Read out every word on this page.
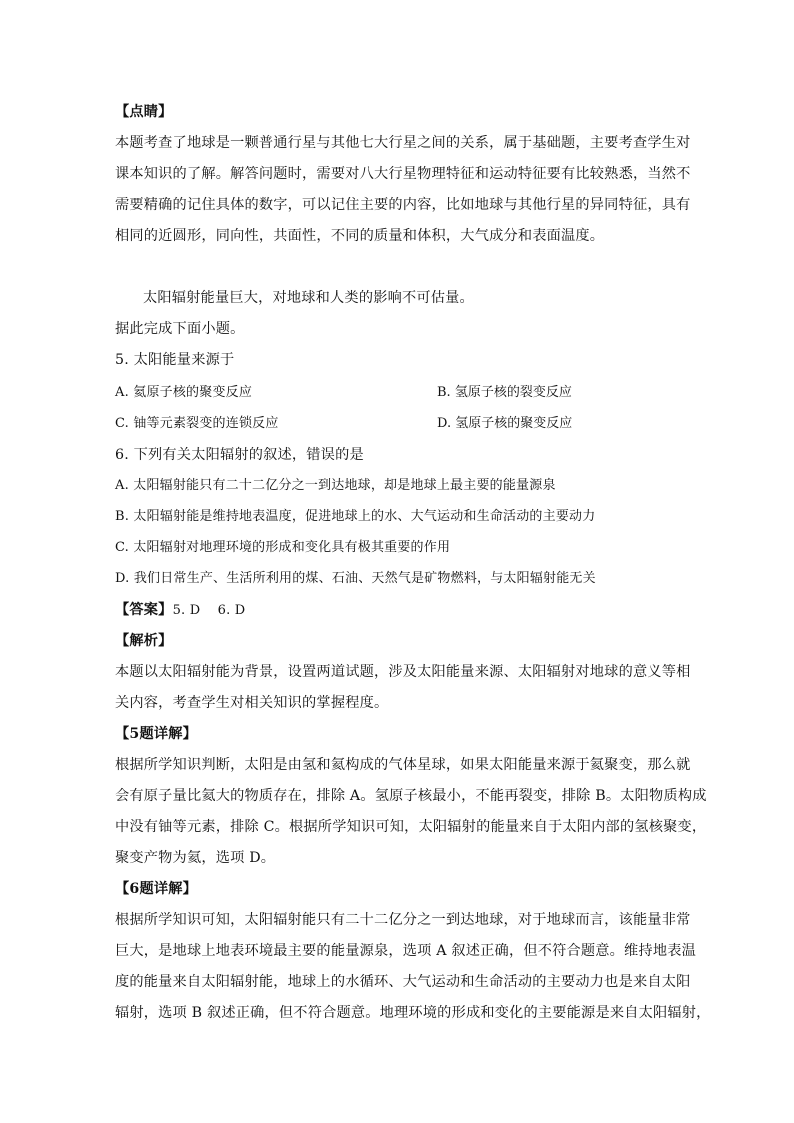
【点睛】
本题考查了地球是一颗普通行星与其他七大行星之间的关系，属于基础题，主要考查学生对
课本知识的了解。解答问题时，需要对八大行星物理特征和运动特征要有比较熟悉，当然不
需要精确的记住具体的数字，可以记住主要的内容，比如地球与其他行星的异同特征，具有
相同的近圆形，同向性，共面性，不同的质量和体积，大气成分和表面温度。
太阳辐射能量巨大，对地球和人类的影响不可估量。
据此完成下面小题。
5. 太阳能量来源于
A. 氦原子核的聚变反应	B. 氢原子核的裂变反应
C. 铀等元素裂变的连锁反应	D. 氢原子核的聚变反应
6. 下列有关太阳辐射的叙述，错误的是
A. 太阳辐射能只有二十二亿分之一到达地球，却是地球上最主要的能量源泉
B. 太阳辐射能是维持地表温度，促进地球上的水、大气运动和生命活动的主要动力
C. 太阳辐射对地理环境的形成和变化具有极其重要的作用
D. 我们日常生产、生活所利用的煤、石油、天然气是矿物燃料，与太阳辐射能无关
【答案】5. D    6. D
【解析】
本题以太阳辐射能为背景，设置两道试题，涉及太阳能量来源、太阳辐射对地球的意义等相
关内容，考查学生对相关知识的掌握程度。
【5题详解】
根据所学知识判断，太阳是由氢和氦构成的气体星球，如果太阳能量来源于氦聚变，那么就
会有原子量比氦大的物质存在，排除 A。氢原子核最小，不能再裂变，排除 B。太阳物质构成
中没有铀等元素，排除 C。根据所学知识可知，太阳辐射的能量来自于太阳内部的氢核聚变，
聚变产物为氦，选项 D。
【6题详解】
根据所学知识可知，太阳辐射能只有二十二亿分之一到达地球，对于地球而言，该能量非常
巨大，是地球上地表环境最主要的能量源泉，选项 A 叙述正确，但不符合题意。维持地表温
度的能量来自太阳辐射能，地球上的水循环、大气运动和生命活动的主要动力也是来自太阳
辐射，选项 B 叙述正确，但不符合题意。地理环境的形成和变化的主要能源是来自太阳辐射，
